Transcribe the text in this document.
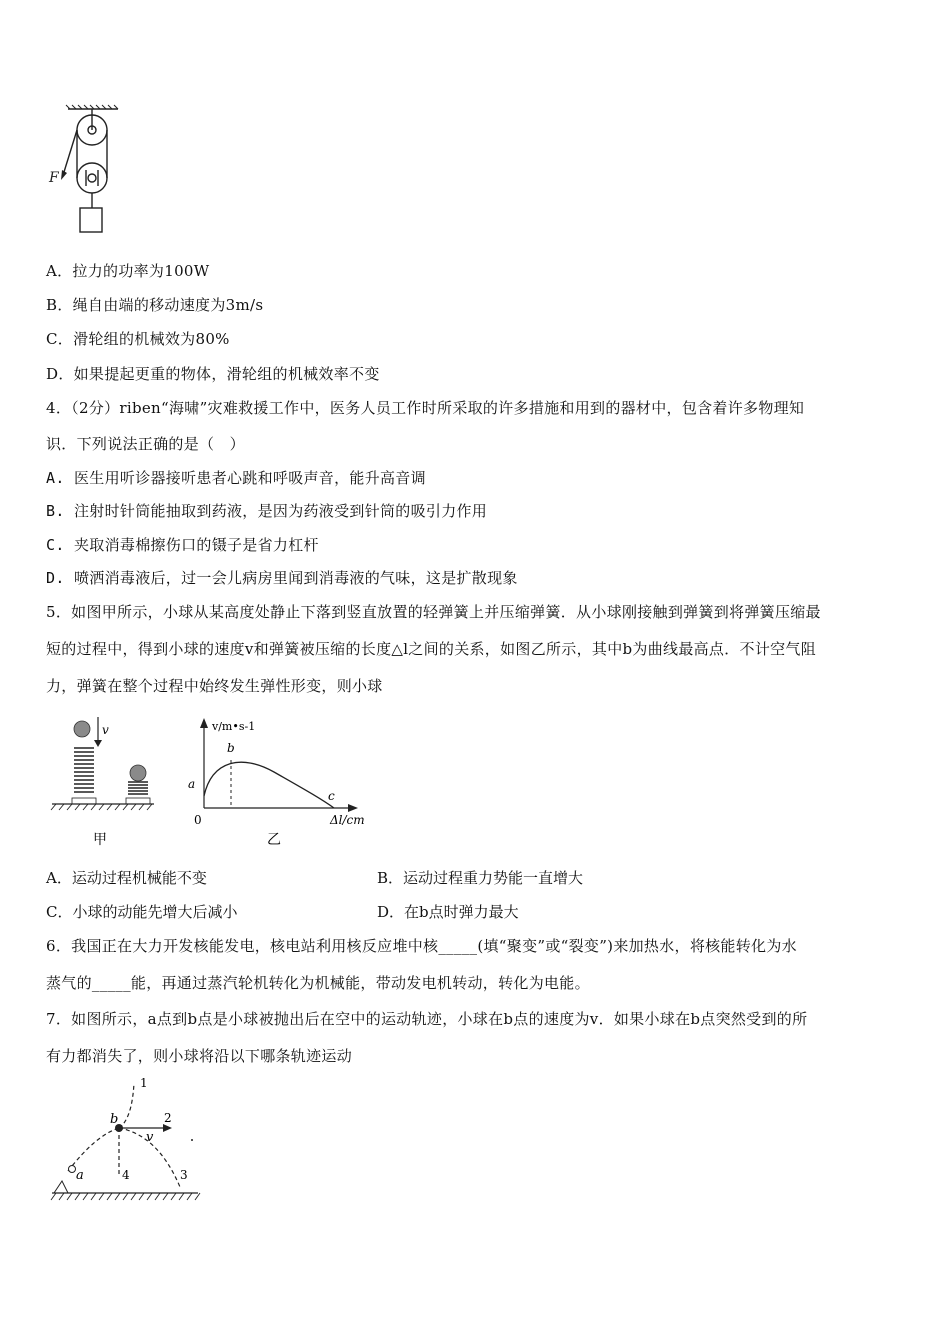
F
A．拉力的功率为100W
B．绳自由端的移动速度为3m/s
C．滑轮组的机械效为80%
D．如果提起更重的物体，滑轮组的机械效率不变
4．（2分）riben“海啸”灾难救援工作中，医务人员工作时所采取的许多措施和用到的器材中，包含着许多物理知
识．下列说法正确的是（　）
A. 医生用听诊器接听患者心跳和呼吸声音，能升高音调
B. 注射时针筒能抽取到药液，是因为药液受到针筒的吸引力作用
C. 夹取消毒棉擦伤口的镊子是省力杠杆
D. 喷洒消毒液后，过一会儿病房里闻到消毒液的气味，这是扩散现象
5．如图甲所示，小球从某高度处静止下落到竖直放置的轻弹簧上并压缩弹簧．从小球刚接触到弹簧到将弹簧压缩最
短的过程中，得到小球的速度v和弹簧被压缩的长度△l之间的关系，如图乙所示，其中b为曲线最高点．不计空气阻
力，弹簧在整个过程中始终发生弹性形变，则小球
v
甲
v/m•s-1
Δl/cm
0
a
b
c
乙
A．运动过程机械能不变	B．运动过程重力势能一直增大
C．小球的动能先增大后减小	D．在b点时弹力最大
6．我国正在大力开发核能发电，核电站利用核反应堆中核_____(填“聚变”或“裂变”)来加热水，将核能转化为水
蒸气的_____能，再通过蒸汽轮机转化为机械能，带动发电机转动，转化为电能。
7．如图所示，a点到b点是小球被抛出后在空中的运动轨迹，小球在b点的速度为v．如果小球在b点突然受到的所
有力都消失了，则小球将沿以下哪条轨迹运动
a
b
v
1
2
3
4
